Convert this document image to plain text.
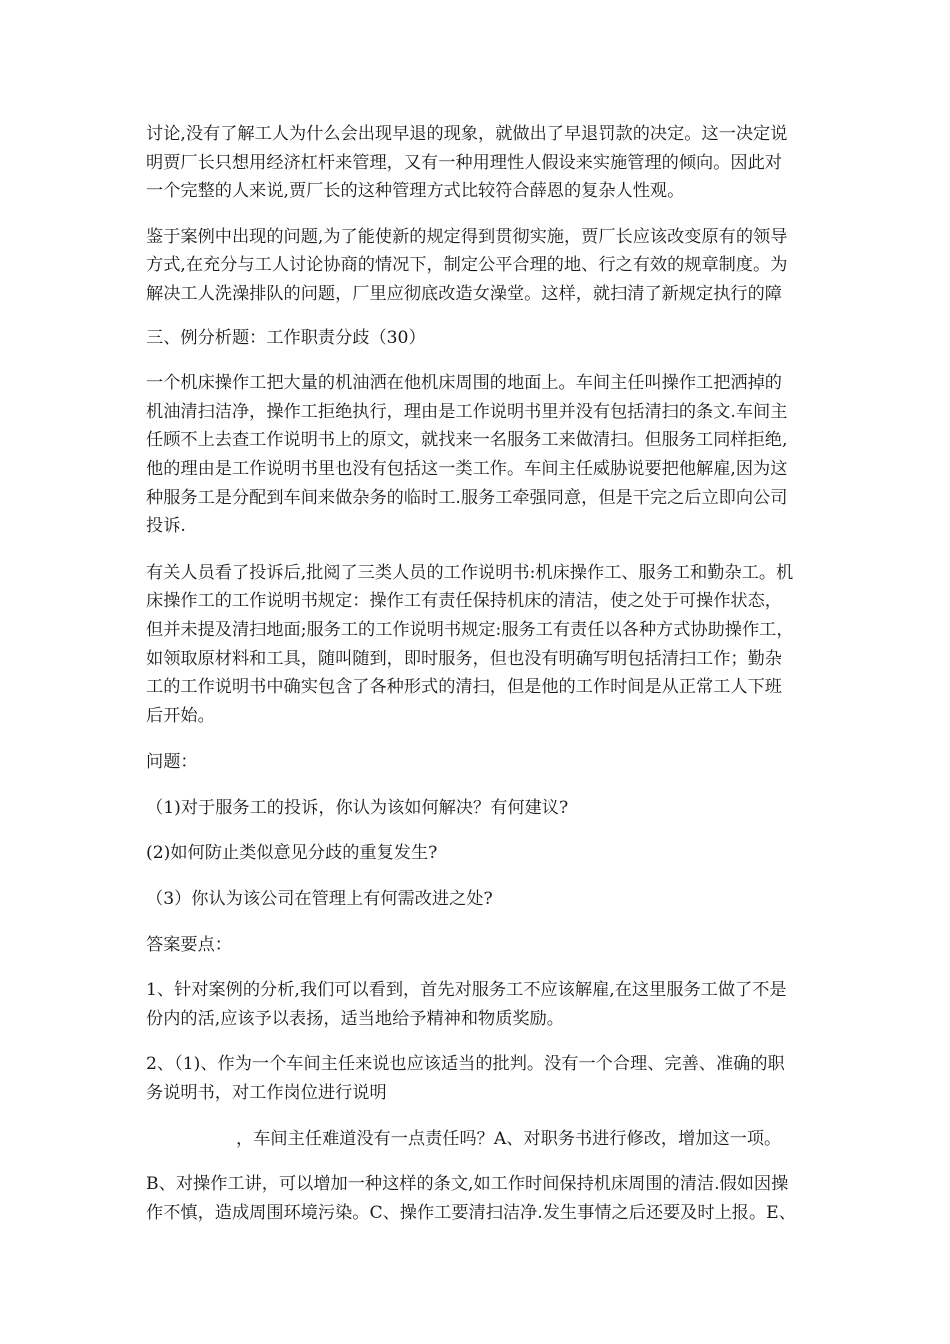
讨论,没有了解工人为什么会出现早退的现象，就做出了早退罚款的决定。这一决定说
明贾厂长只想用经济杠杆来管理，又有一种用理性人假设来实施管理的倾向。因此对
一个完整的人来说,贾厂长的这种管理方式比较符合薛恩的复杂人性观。
鉴于案例中出现的问题,为了能使新的规定得到贯彻实施，贾厂长应该改变原有的领导
方式,在充分与工人讨论协商的情况下，制定公平合理的地、行之有效的规章制度。为
解决工人洗澡排队的问题，厂里应彻底改造女澡堂。这样，就扫清了新规定执行的障
三、例分析题：工作职责分歧（30）
一个机床操作工把大量的机油洒在他机床周围的地面上。车间主任叫操作工把洒掉的
机油清扫洁净，操作工拒绝执行，理由是工作说明书里并没有包括清扫的条文.车间主
任顾不上去查工作说明书上的原文，就找来一名服务工来做清扫。但服务工同样拒绝,
他的理由是工作说明书里也没有包括这一类工作。车间主任威胁说要把他解雇,因为这
种服务工是分配到车间来做杂务的临时工.服务工牵强同意，但是干完之后立即向公司
投诉.
有关人员看了投诉后,批阅了三类人员的工作说明书:机床操作工、服务工和勤杂工。机
床操作工的工作说明书规定：操作工有责任保持机床的清洁，使之处于可操作状态，
但并未提及清扫地面;服务工的工作说明书规定:服务工有责任以各种方式协助操作工，
如领取原材料和工具，随叫随到，即时服务，但也没有明确写明包括清扫工作；勤杂
工的工作说明书中确实包含了各种形式的清扫，但是他的工作时间是从正常工人下班
后开始。
问题：
（1)对于服务工的投诉，你认为该如何解决？有何建议?
(2)如何防止类似意见分歧的重复发生?
（3）你认为该公司在管理上有何需改进之处?
答案要点：
1、针对案例的分析,我们可以看到，首先对服务工不应该解雇,在这里服务工做了不是
份内的活,应该予以表扬，适当地给予精神和物质奖励。
2、（1)、作为一个车间主任来说也应该适当的批判。没有一个合理、完善、准确的职
务说明书，对工作岗位进行说明
，车间主任难道没有一点责任吗？A、对职务书进行修改，增加这一项。
B、对操作工讲，可以增加一种这样的条文,如工作时间保持机床周围的清洁.假如因操
作不慎，造成周围环境污染。C、操作工要清扫洁净.发生事情之后还要及时上报。E、
